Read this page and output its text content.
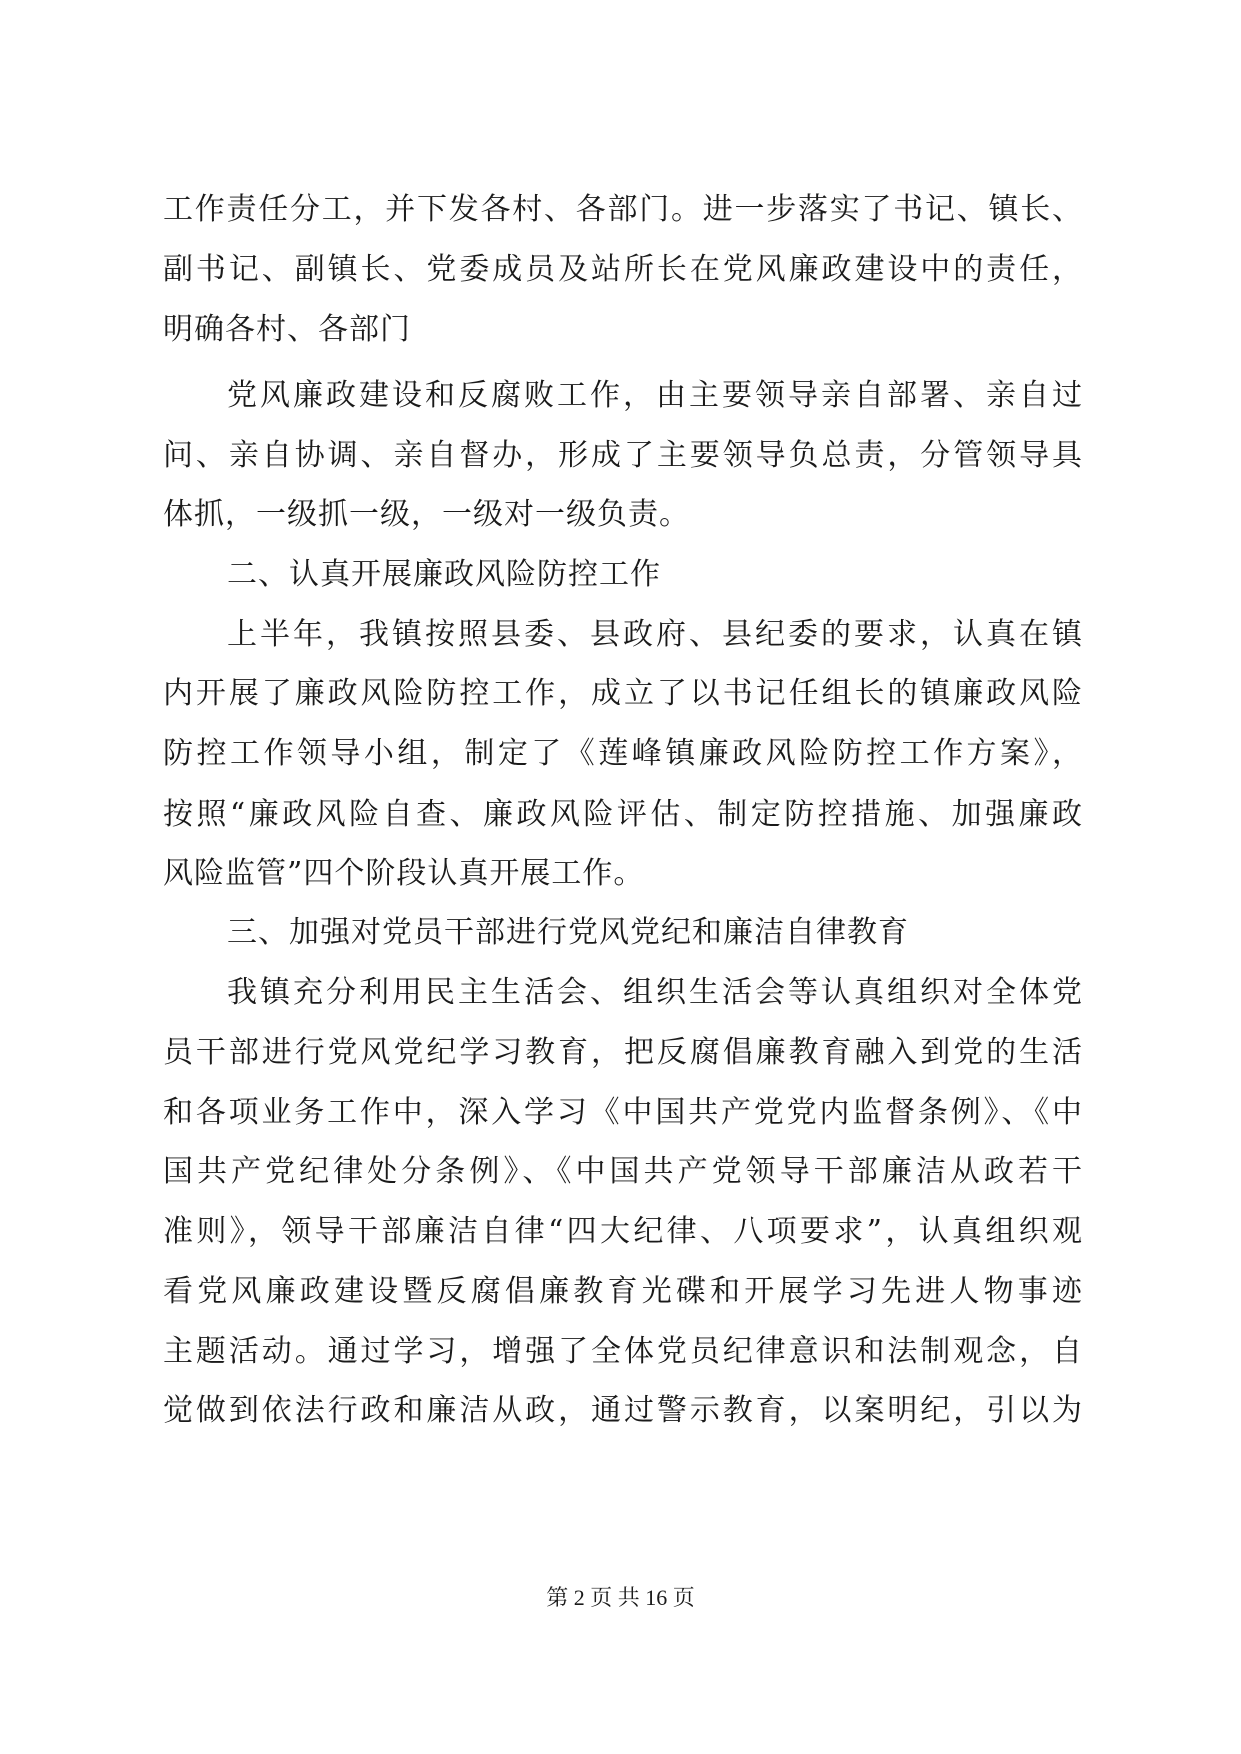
工作责任分工，并下发各村、各部门。进一步落实了书记、镇长、
副书记、副镇长、党委成员及站所长在党风廉政建设中的责任，
明确各村、各部门
党风廉政建设和反腐败工作，由主要领导亲自部署、亲自过
问、亲自协调、亲自督办，形成了主要领导负总责，分管领导具
体抓，一级抓一级，一级对一级负责。
二、认真开展廉政风险防控工作
上半年，我镇按照县委、县政府、县纪委的要求，认真在镇
内开展了廉政风险防控工作，成立了以书记任组长的镇廉政风险
防控工作领导小组，制定了《莲峰镇廉政风险防控工作方案》，
按照“廉政风险自查、廉政风险评估、制定防控措施、加强廉政
风险监管”四个阶段认真开展工作。
三、加强对党员干部进行党风党纪和廉洁自律教育
我镇充分利用民主生活会、组织生活会等认真组织对全体党
员干部进行党风党纪学习教育，把反腐倡廉教育融入到党的生活
和各项业务工作中，深入学习《中国共产党党内监督条例》、《中
国共产党纪律处分条例》、《中国共产党领导干部廉洁从政若干
准则》，领导干部廉洁自律“四大纪律、八项要求”，认真组织观
看党风廉政建设暨反腐倡廉教育光碟和开展学习先进人物事迹
主题活动。通过学习，增强了全体党员纪律意识和法制观念，自
觉做到依法行政和廉洁从政，通过警示教育，以案明纪，引以为
第 2 页 共 16 页
